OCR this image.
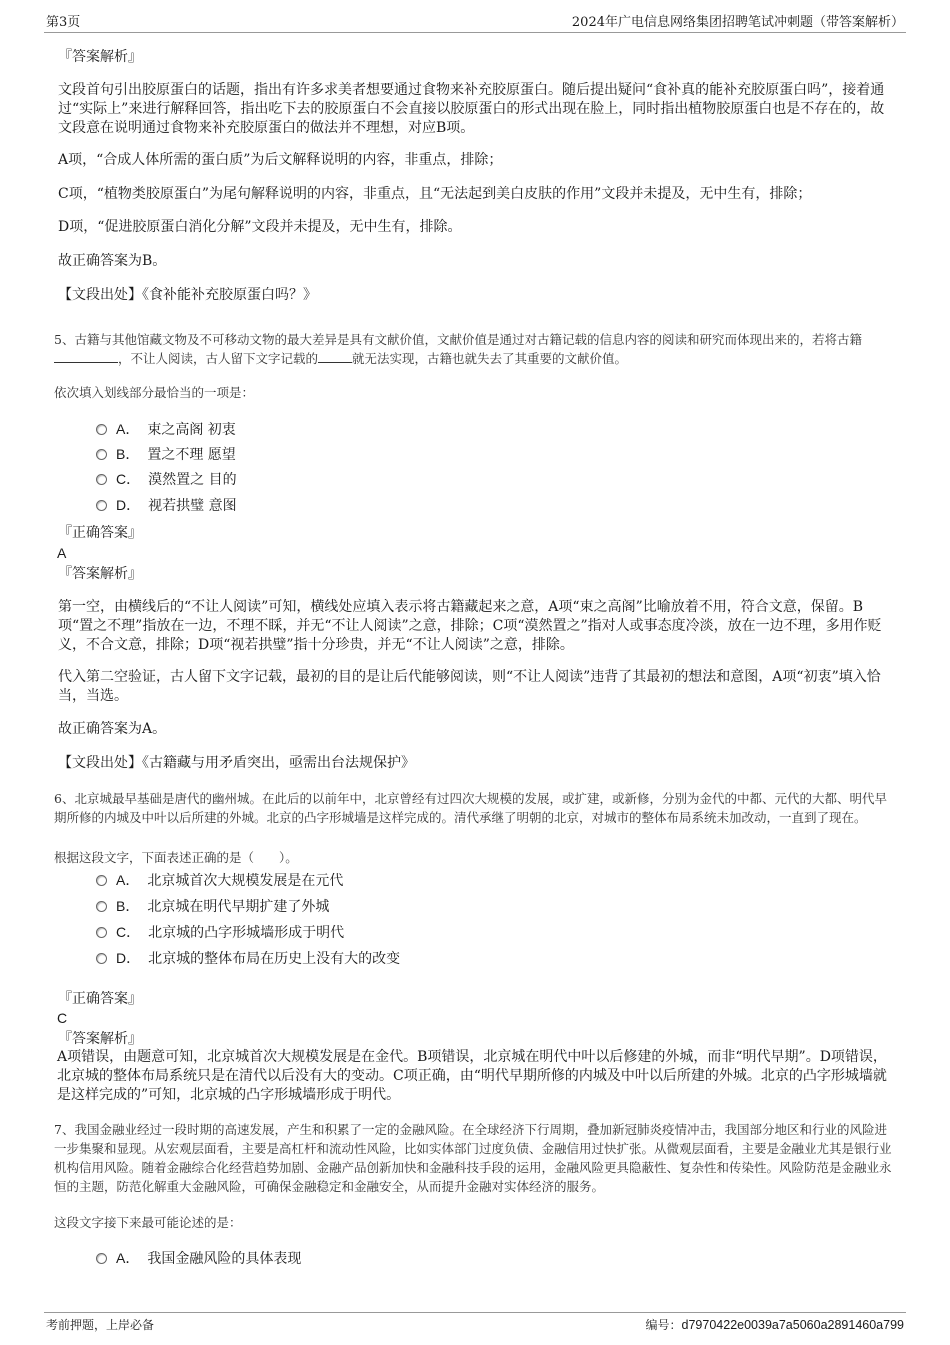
第3页	2024年广电信息网络集团招聘笔试冲刺题（带答案解析）
『答案解析』

文段首句引出胶原蛋白的话题，指出有许多求美者想要通过食物来补充胶原蛋白。随后提出疑问“食补真的能补充胶原蛋白吗”，接着通过“实际上”来进行解释回答，指出吃下去的胶原蛋白不会直接以胶原蛋白的形式出现在脸上，同时指出植物胶原蛋白也是不存在的，故文段意在说明通过食物来补充胶原蛋白的做法并不理想，对应B项。

A项，“合成人体所需的蛋白质”为后文解释说明的内容，非重点，排除；

C项，“植物类胶原蛋白”为尾句解释说明的内容，非重点，且“无法起到美白皮肤的作用”文段并未提及，无中生有，排除；

D项，“促进胶原蛋白消化分解”文段并未提及，无中生有，排除。

故正确答案为B。

【文段出处】《食补能补充胶原蛋白吗？》

5、古籍与其他馆藏文物及不可移动文物的最大差异是具有文献价值，文献价值是通过对古籍记载的信息内容的阅读和研究而体现出来的，若将古籍，不让人阅读，古人留下文字记载的	就无法实现，古籍也就失去了其重要的文献价值。

依次填入划线部分最恰当的一项是：

A． 束之高阁 初衷
B． 置之不理 愿望
C． 漠然置之 目的
D． 视若拱璧 意图
『正确答案』
A
『答案解析』

第一空，由横线后的“不让人阅读”可知，横线处应填入表示将古籍藏起来之意，A项“束之高阁”比喻放着不用，符合文意，保留。B项“置之不理”指放在一边，不理不睬，并无“不让人阅读”之意，排除；C项“漠然置之”指对人或事态度冷淡，放在一边不理，多用作贬义，不合文意，排除；D项“视若拱璧”指十分珍贵，并无“不让人阅读”之意，排除。

代入第二空验证，古人留下文字记载，最初的目的是让后代能够阅读，则“不让人阅读”违背了其最初的想法和意图，A项“初衷”填入恰当，当选。

故正确答案为A。

【文段出处】《古籍藏与用矛盾突出，亟需出台法规保护》

6、北京城最早基础是唐代的幽州城。在此后的以前年中，北京曾经有过四次大规模的发展，或扩建，或新修，分别为金代的中都、元代的大都、明代早期所修的内城及中叶以后所建的外城。北京的凸字形城墙是这样完成的。清代承继了明朝的北京，对城市的整体布局系统未加改动，一直到了现在。

根据这段文字，下面表述正确的是（　　）。

A． 北京城首次大规模发展是在元代
B． 北京城在明代早期扩建了外城
C． 北京城的凸字形城墙形成于明代
D． 北京城的整体布局在历史上没有大的改变
『正确答案』
C
『答案解析』

A项错误，由题意可知，北京城首次大规模发展是在金代。B项错误，北京城在明代中叶以后修建的外城，而非“明代早期”。D项错误，北京城的整体布局系统只是在清代以后没有大的变动。C项正确，由“明代早期所修的内城及中叶以后所建的外城。北京的凸字形城墙就是这样完成的”可知，北京城的凸字形城墙形成于明代。

7、我国金融业经过一段时期的高速发展，产生和积累了一定的金融风险。在全球经济下行周期，叠加新冠肺炎疫情冲击，我国部分地区和行业的风险进一步集聚和显现。从宏观层面看，主要是高杠杆和流动性风险，比如实体部门过度负债、金融信用过快扩张。从微观层面看，主要是金融业尤其是银行业机构信用风险。随着金融综合化经营趋势加剧、金融产品创新加快和金融科技手段的运用，金融风险更具隐蔽性、复杂性和传染性。风险防范是金融业永恒的主题，防范化解重大金融风险，可确保金融稳定和金融安全，从而提升金融对实体经济的服务。

这段文字接下来最可能论述的是：

A． 我国金融风险的具体表现
考前押题，上岸必备	编号：d7970422e0039a7a5060a2891460a799
